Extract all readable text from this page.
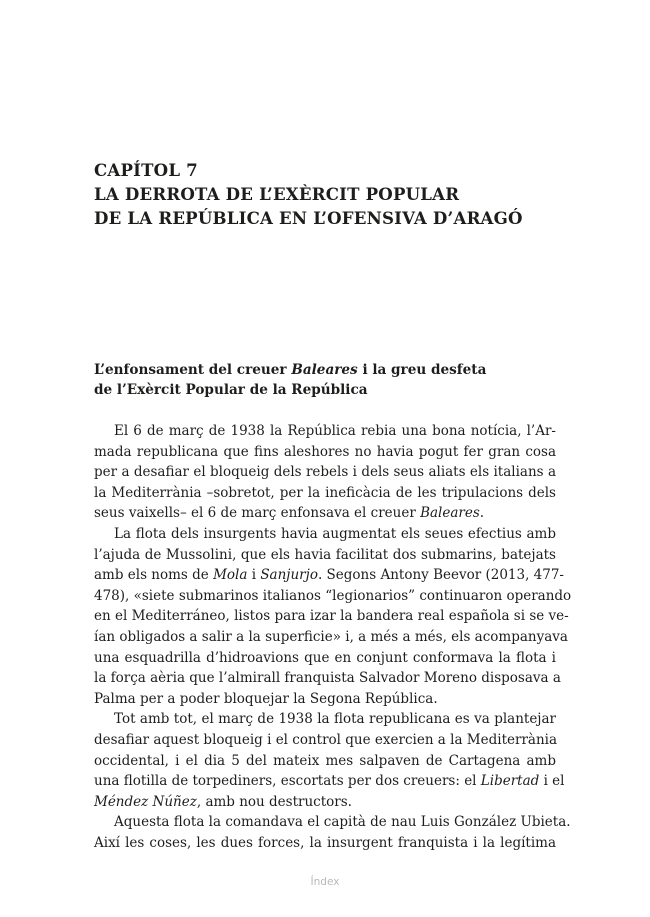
CAPÍTOL 7
LA DERROTA DE L’EXÈRCIT POPULAR
DE LA REPÚBLICA EN L’OFENSIVA D’ARAGÓ
L’enfonsament del creuer Baleares i la greu desfeta
de l’Exèrcit Popular de la República

El 6 de març de 1938 la República rebia una bona notícia, l’Ar-
mada republicana que fins aleshores no havia pogut fer gran cosa
per a desafiar el bloqueig dels rebels i dels seus aliats els italians a
la Mediterrània –sobretot, per la ineficàcia de les tripulacions dels
seus vaixells– el 6 de març enfonsava el creuer Baleares.

La flota dels insurgents havia augmentat els seues efectius amb
l’ajuda de Mussolini, que els havia facilitat dos submarins, batejats
amb els noms de Mola i Sanjurjo. Segons Antony Beevor (2013, 477-
478), «siete submarinos italianos “legionarios” continuaron operando
en el Mediterráneo, listos para izar la bandera real española si se ve-
ían obligados a salir a la superficie» i, a més a més, els acompanyava
una esquadrilla d’hidroavions que en conjunt conformava la flota i
la força aèria que l’almirall franquista Salvador Moreno disposava a
Palma per a poder bloquejar la Segona República.

Tot amb tot, el març de 1938 la flota republicana es va plantejar
desafiar aquest bloqueig i el control que exercien a la Mediterrània
occidental, i el dia 5 del mateix mes salpaven de Cartagena amb
una flotilla de torpediners, escortats per dos creuers: el Libertad i el
Méndez Núñez, amb nou destructors.

Aquesta flota la comandava el capità de nau Luis González Ubieta.
Així les coses, les dues forces, la insurgent franquista i la legítima

Índex
